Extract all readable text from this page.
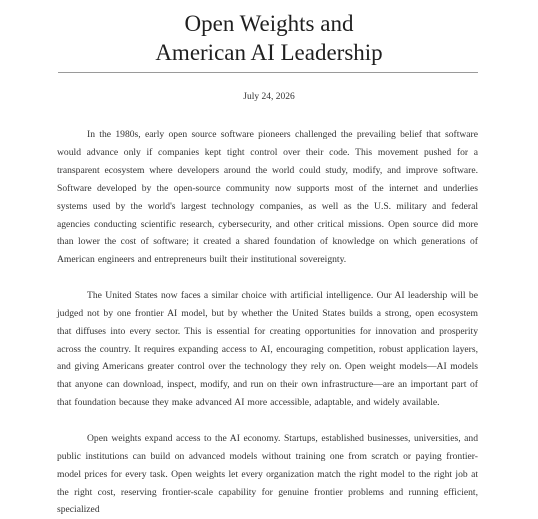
Open Weights and
American AI Leadership
July 24, 2026

In the 1980s, early open source software pioneers challenged the prevailing belief that software would advance only if companies kept tight control over their code. This movement pushed for a transparent ecosystem where developers around the world could study, modify, and improve software. Software developed by the open-source community now supports most of the internet and underlies systems used by the world's largest technology companies, as well as the U.S. military and federal agencies conducting scientific research, cybersecurity, and other critical missions. Open source did more than lower the cost of software; it created a shared foundation of knowledge on which generations of American engineers and entrepreneurs built their institutional sovereignty.

The United States now faces a similar choice with artificial intelligence. Our AI leadership will be judged not by one frontier AI model, but by whether the United States builds a strong, open ecosystem that diffuses into every sector. This is essential for creating opportunities for innovation and prosperity across the country. It requires expanding access to AI, encouraging competition, robust application layers, and giving Americans greater control over the technology they rely on. Open weight models—AI models that anyone can download, inspect, modify, and run on their own infrastructure—are an important part of that foundation because they make advanced AI more accessible, adaptable, and widely available.

Open weights expand access to the AI economy. Startups, established businesses, universities, and public institutions can build on advanced models without training one from scratch or paying frontier-model prices for every task. Open weights let every organization match the right model to the right job at the right cost, reserving frontier-scale capability for genuine frontier problems and running efficient, specialized
